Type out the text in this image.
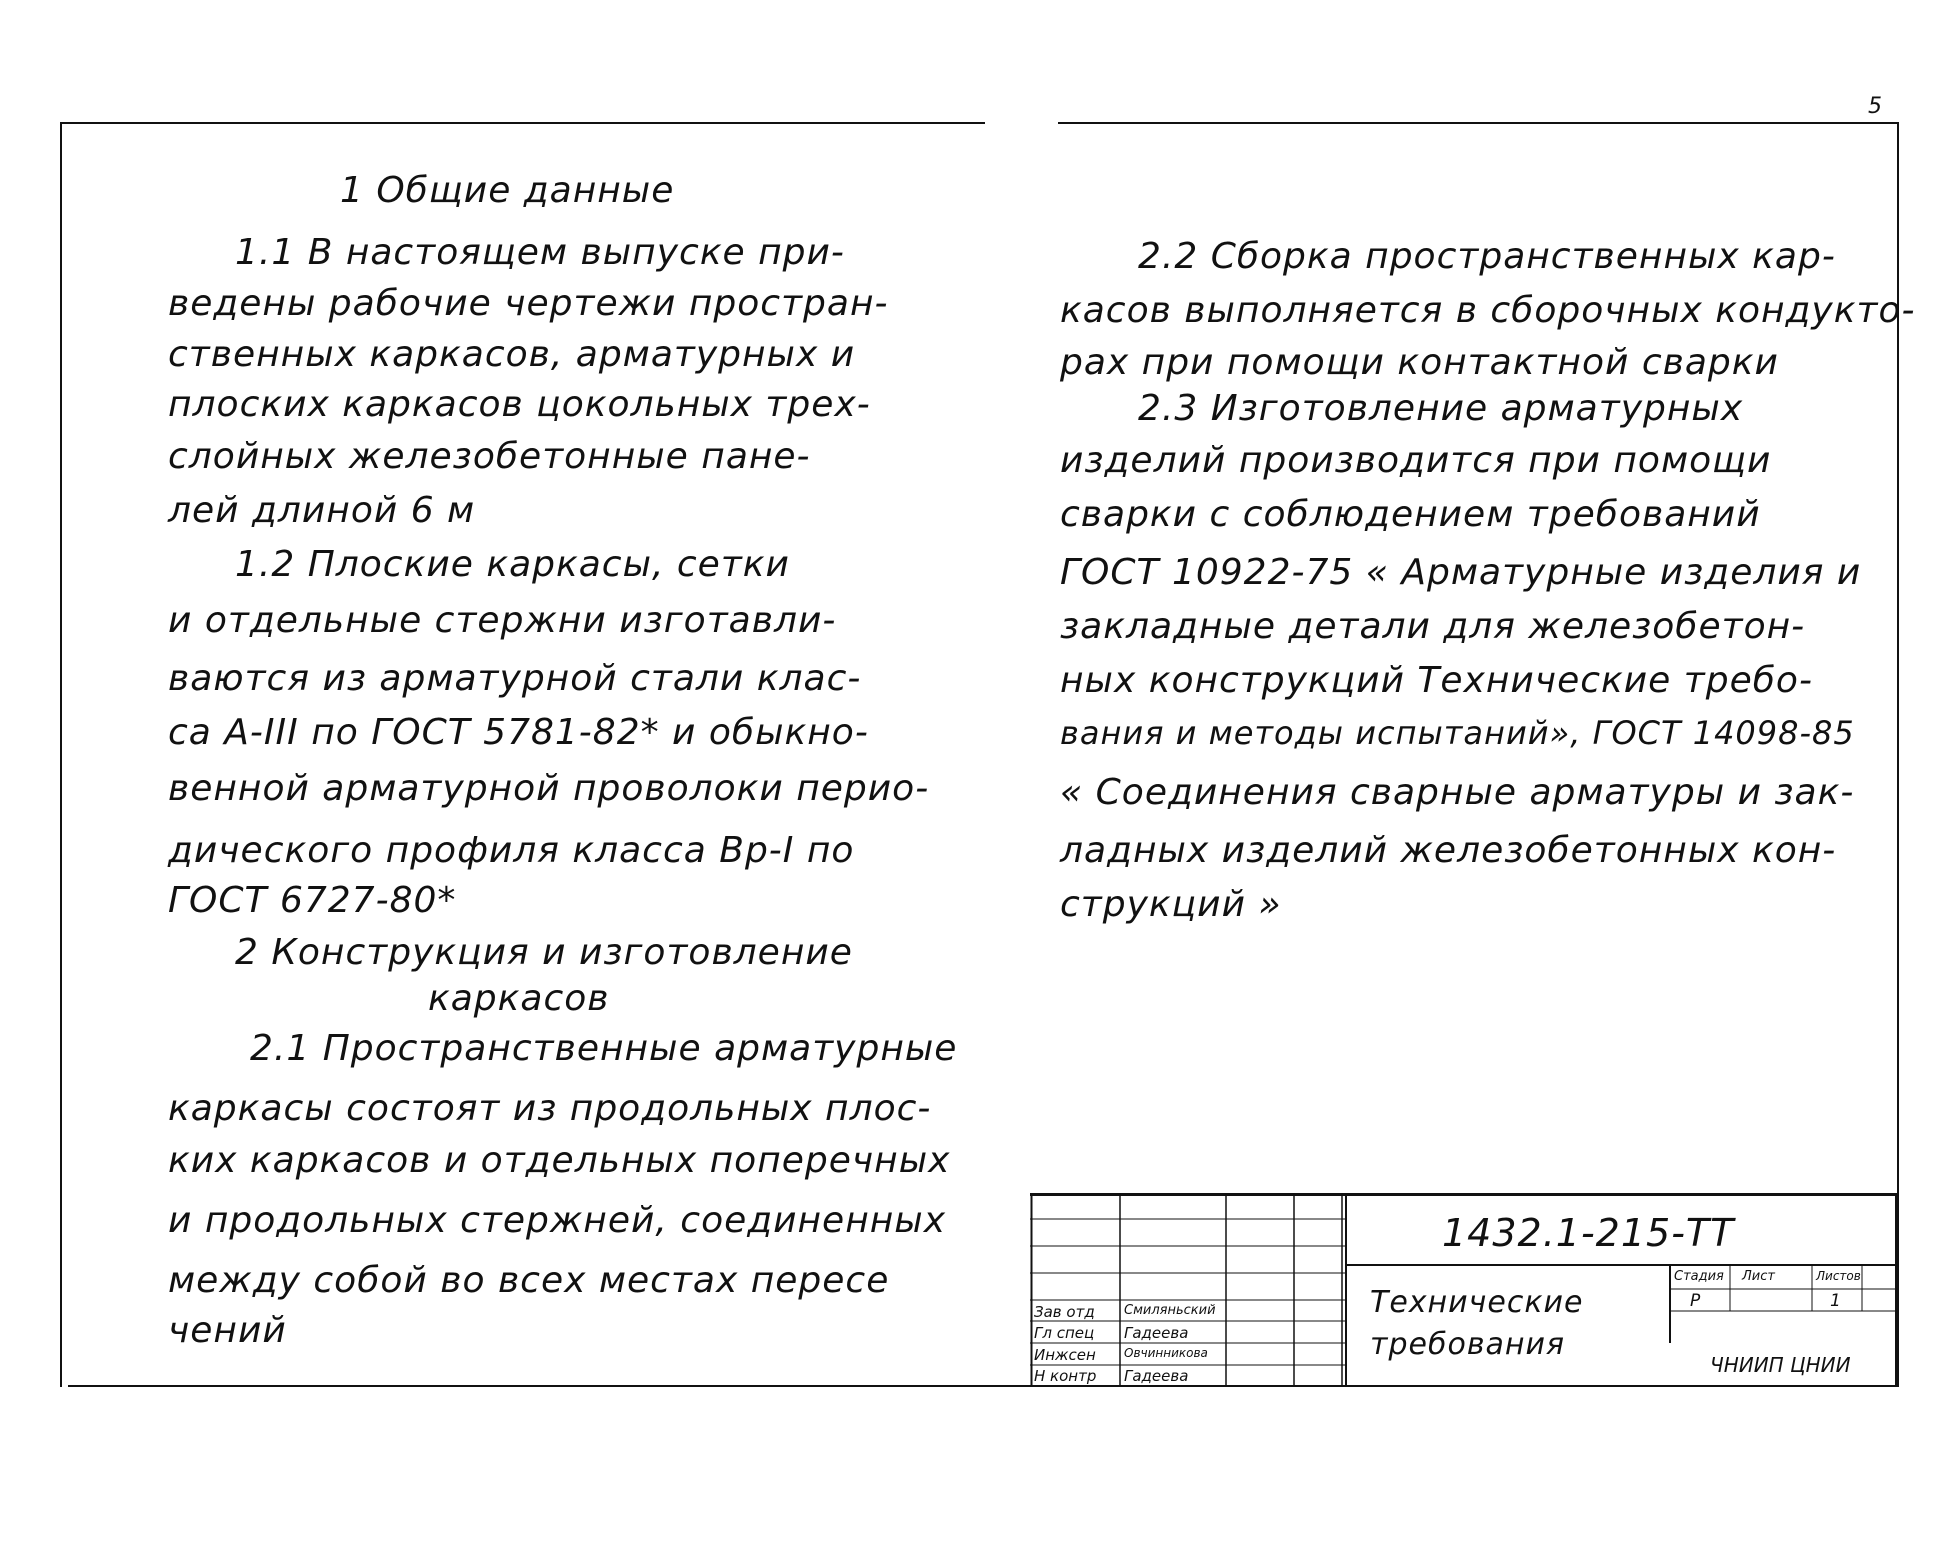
5
1 Общие данные
1.1 В настоящем выпуске при-
ведены рабочие чертежи простран-
ственных каркасов, арматурных и
плоских каркасов цокольных трех-
слойных железобетонные пане-
лей длиной 6 м
1.2 Плоские каркасы, сетки
и отдельные стержни изготавли-
ваются из арматурной стали клас-
са А-III по ГОСТ 5781-82* и обыкно-
венной арматурной проволоки перио-
дического профиля класса Вр-I по
ГОСТ 6727-80*
2 Конструкция и изготовление
каркасов
2.1 Пространственные арматурные
каркасы состоят из продольных плос-
ких каркасов и отдельных поперечных
и продольных стержней, соединенных
между собой во всех местах пересе
чений
2.2 Сборка пространственных кар-
касов выполняется в сборочных кондукто-
рах при помощи контактной сварки
2.3 Изготовление арматурных
изделий производится при помощи
сварки с соблюдением требований
ГОСТ 10922-75 « Арматурные изделия и
закладные детали для железобетон-
ных конструкций Технические требо-
вания и методы испытаний», ГОСТ 14098-85
« Соединения сварные арматуры и зак-
ладных изделий железобетонных кон-
струкций »
1432.1-215-ТТ
Технические
требования
Зав отд
Гл спец
Инжсен
Н контр
Смиляньский
Гадеева
Овчинникова
Гадеева
Стадия Лист	Листов
Р	1
ЧНИИП ЦНИИ
